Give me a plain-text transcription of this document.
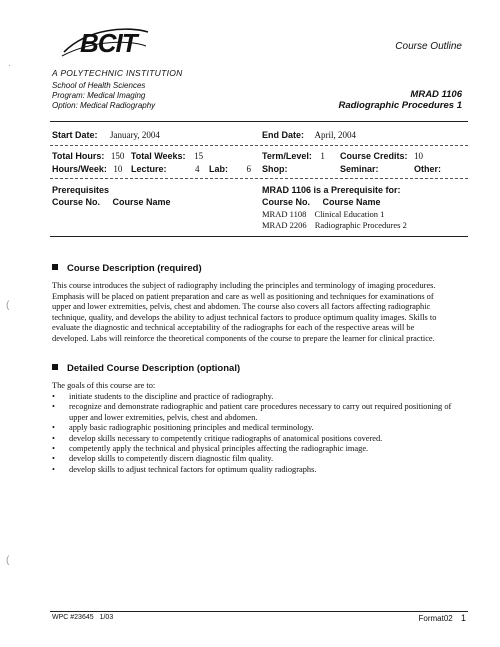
BCIT
A POLYTECHNIC INSTITUTION
School of Health Sciences
Program: Medical Imaging
Option: Medical Radiography
Course Outline
MRAD 1106
Radiographic Procedures 1
Start Date: January, 2004	End Date: April, 2004
Total Hours: 150 Total Weeks: 15	Term/Level: 1 Course Credits: 10
Hours/Week: 10 Lecture:	4 Lab: 6 Shop:	Seminar:	Other:
Prerequisites
Course No. Course Name
MRAD 1106 is a Prerequisite for:
Course No. Course Name
MRAD 1108 Clinical Education 1
MRAD 2206 Radiographic Procedures 2
Course Description (required)
This course introduces the subject of radiography including the principles and terminology of imaging procedures.
Emphasis will be placed on patient preparation and care as well as positioning and techniques for examinations of
upper and lower extremities, pelvis, chest and abdomen. The course also covers all factors affecting radiographic
technique, quality, and develops the ability to adjust technical factors to produce optimum quality images. Skills to
evaluate the diagnostic and technical acceptability of the radiographs for each of the respective areas will be
developed. Labs will reinforce the theoretical components of the course to prepare the learner for clinical practice.
Detailed Course Description (optional)
The goals of this course are to:
• initiate students to the discipline and practice of radiography.
• recognize and demonstrate radiographic and patient care procedures necessary to carry out required positioning of upper and lower extremities, pelvis, chest and abdomen.
• apply basic radiographic positioning principles and medical terminology.
• develop skills necessary to competently critique radiographs of anatomical positions covered.
• competently apply the technical and physical principles affecting the radiographic image.
• develop skills to competently discern diagnostic film quality.
• develop skills to adjust technical factors for optimum quality radiographs.
·
(
(
WPC #23645 1/03	Format02 1
